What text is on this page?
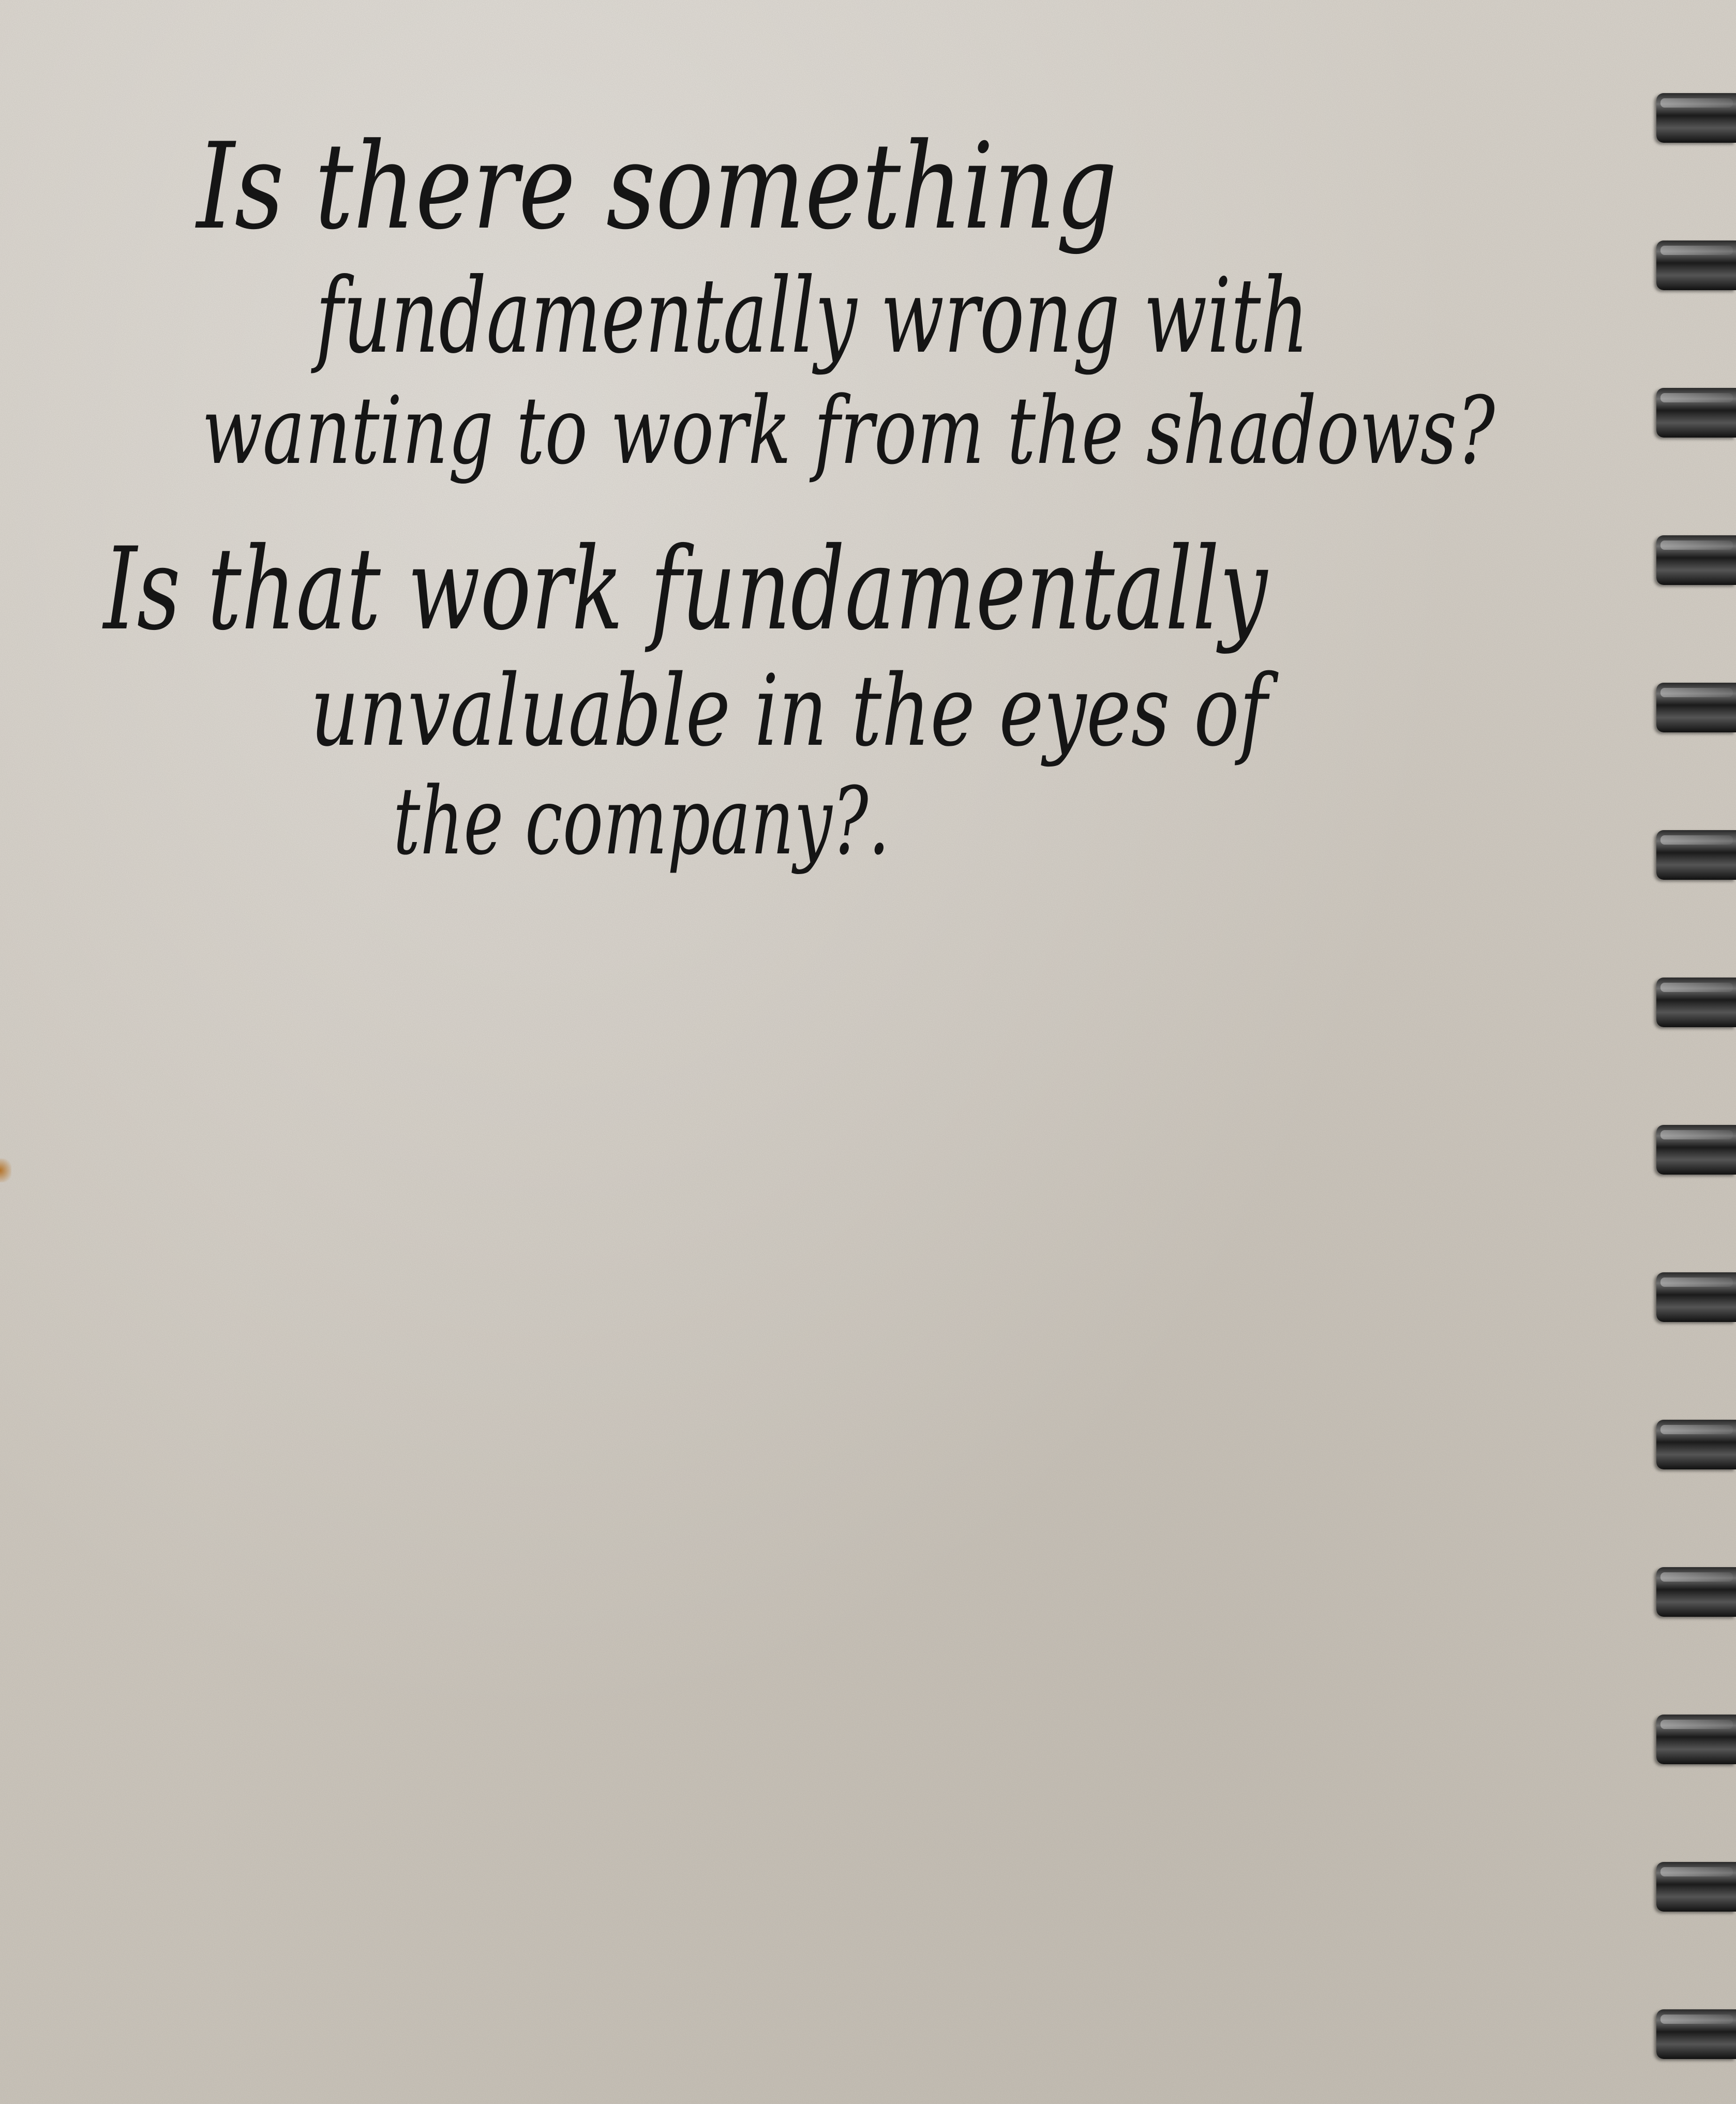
Is there something
fundamentally wrong with
wanting to work from the shadows?
Is that work fundamentally
unvaluable in the eyes of
the company?.
